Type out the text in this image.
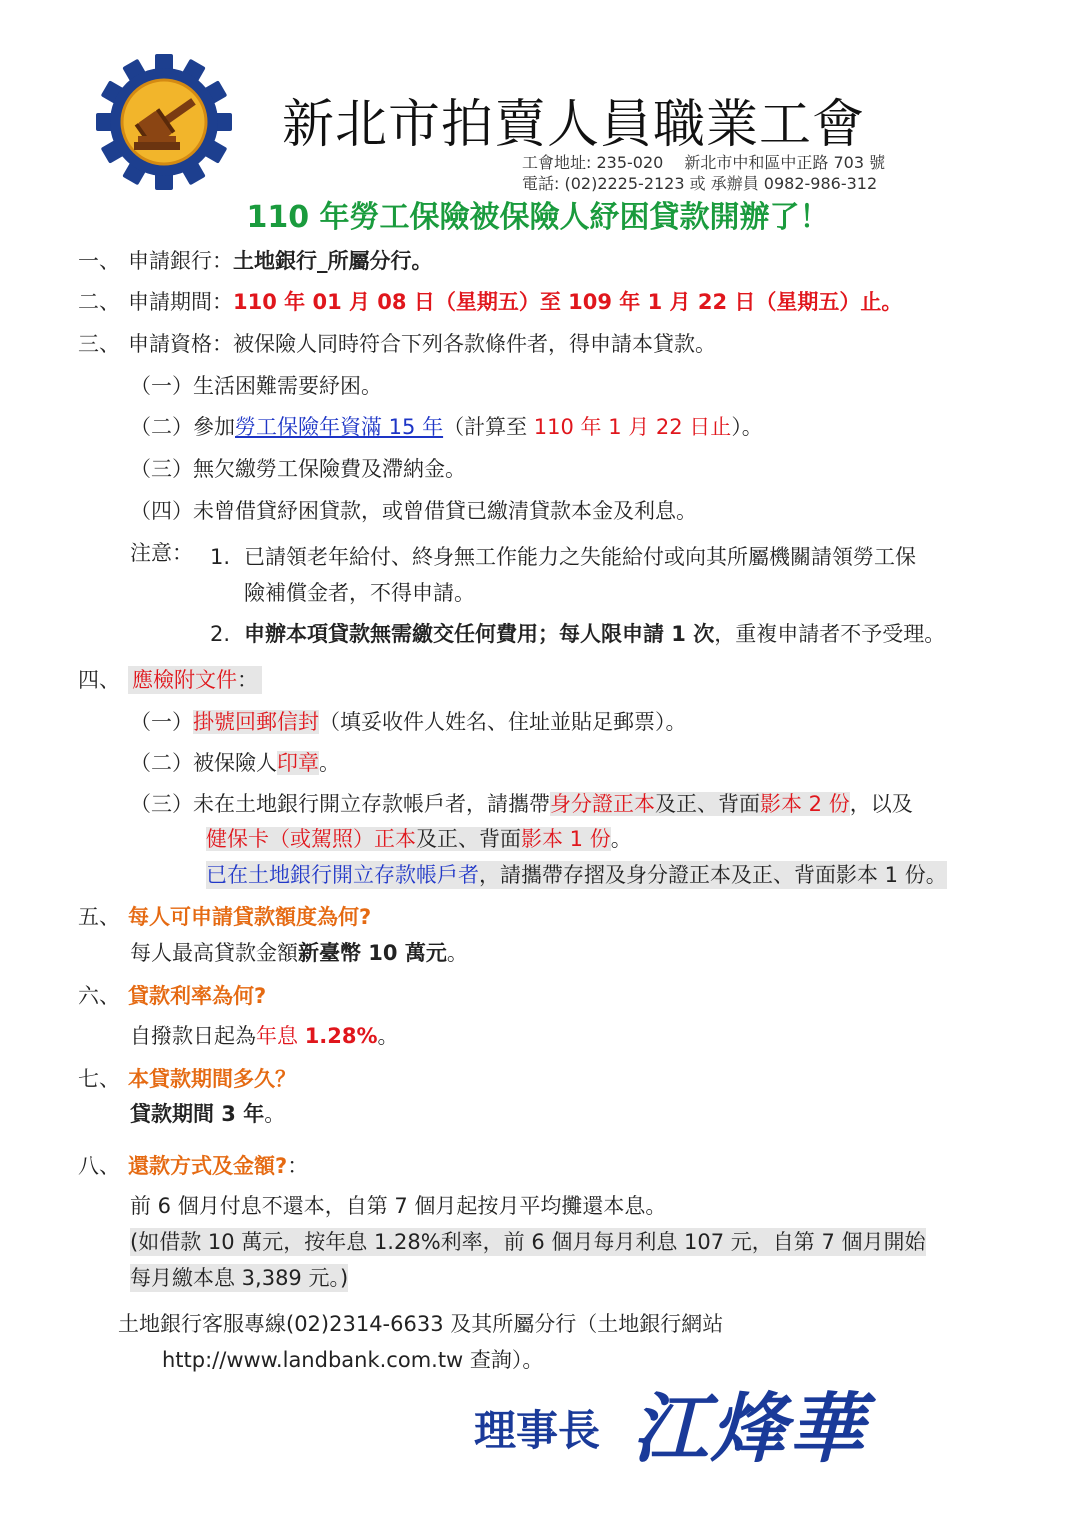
新北市拍賣人員職業工會
工會地址: 235-020　 新北市中和區中正路 703 號
電話: (02)2225-2123 或 承辦員 0982-986-312
110 年勞工保險被保險人紓困貸款開辦了！
一、 申請銀行：土地銀行_所屬分行。
二、 申請期間：110 年 01 月 08 日（星期五）至 109 年 1 月 22 日（星期五）止。
三、 申請資格：被保險人同時符合下列各款條件者，得申請本貸款。
（一）生活困難需要紓困。
（二）參加勞工保險年資滿 15 年（計算至 110 年 1 月 22 日止）。
（三）無欠繳勞工保險費及滯納金。
（四）未曾借貸紓困貸款，或曾借貸已繳清貸款本金及利息。
注意： 1. 已請領老年給付、終身無工作能力之失能給付或向其所屬機關請領勞工保
險補償金者，不得申請。
2. 申辦本項貸款無需繳交任何費用；每人限申請 1 次，重複申請者不予受理。
四、 應檢附文件：
（一）掛號回郵信封（填妥收件人姓名、住址並貼足郵票）。
（二）被保險人印章。
（三）未在土地銀行開立存款帳戶者，請攜帶身分證正本及正、背面影本 2 份，以及
健保卡（或駕照）正本及正、背面影本 1 份。
已在土地銀行開立存款帳戶者，請攜帶存摺及身分證正本及正、背面影本 1 份。
五、 每人可申請貸款額度為何?
每人最高貸款金額新臺幣 10 萬元。
六、 貸款利率為何?
自撥款日起為年息 1.28%。
七、 本貸款期間多久？
貸款期間 3 年。
八、 還款方式及金額?：
前 6 個月付息不還本，自第 7 個月起按月平均攤還本息。
(如借款 10 萬元，按年息 1.28%利率，前 6 個月每月利息 107 元，自第 7 個月開始
每月繳本息 3,389 元。)
土地銀行客服專線(02)2314-6633 及其所屬分行（土地銀行網站
http://www.landbank.com.tw 查詢）。
理事長 江烽華
